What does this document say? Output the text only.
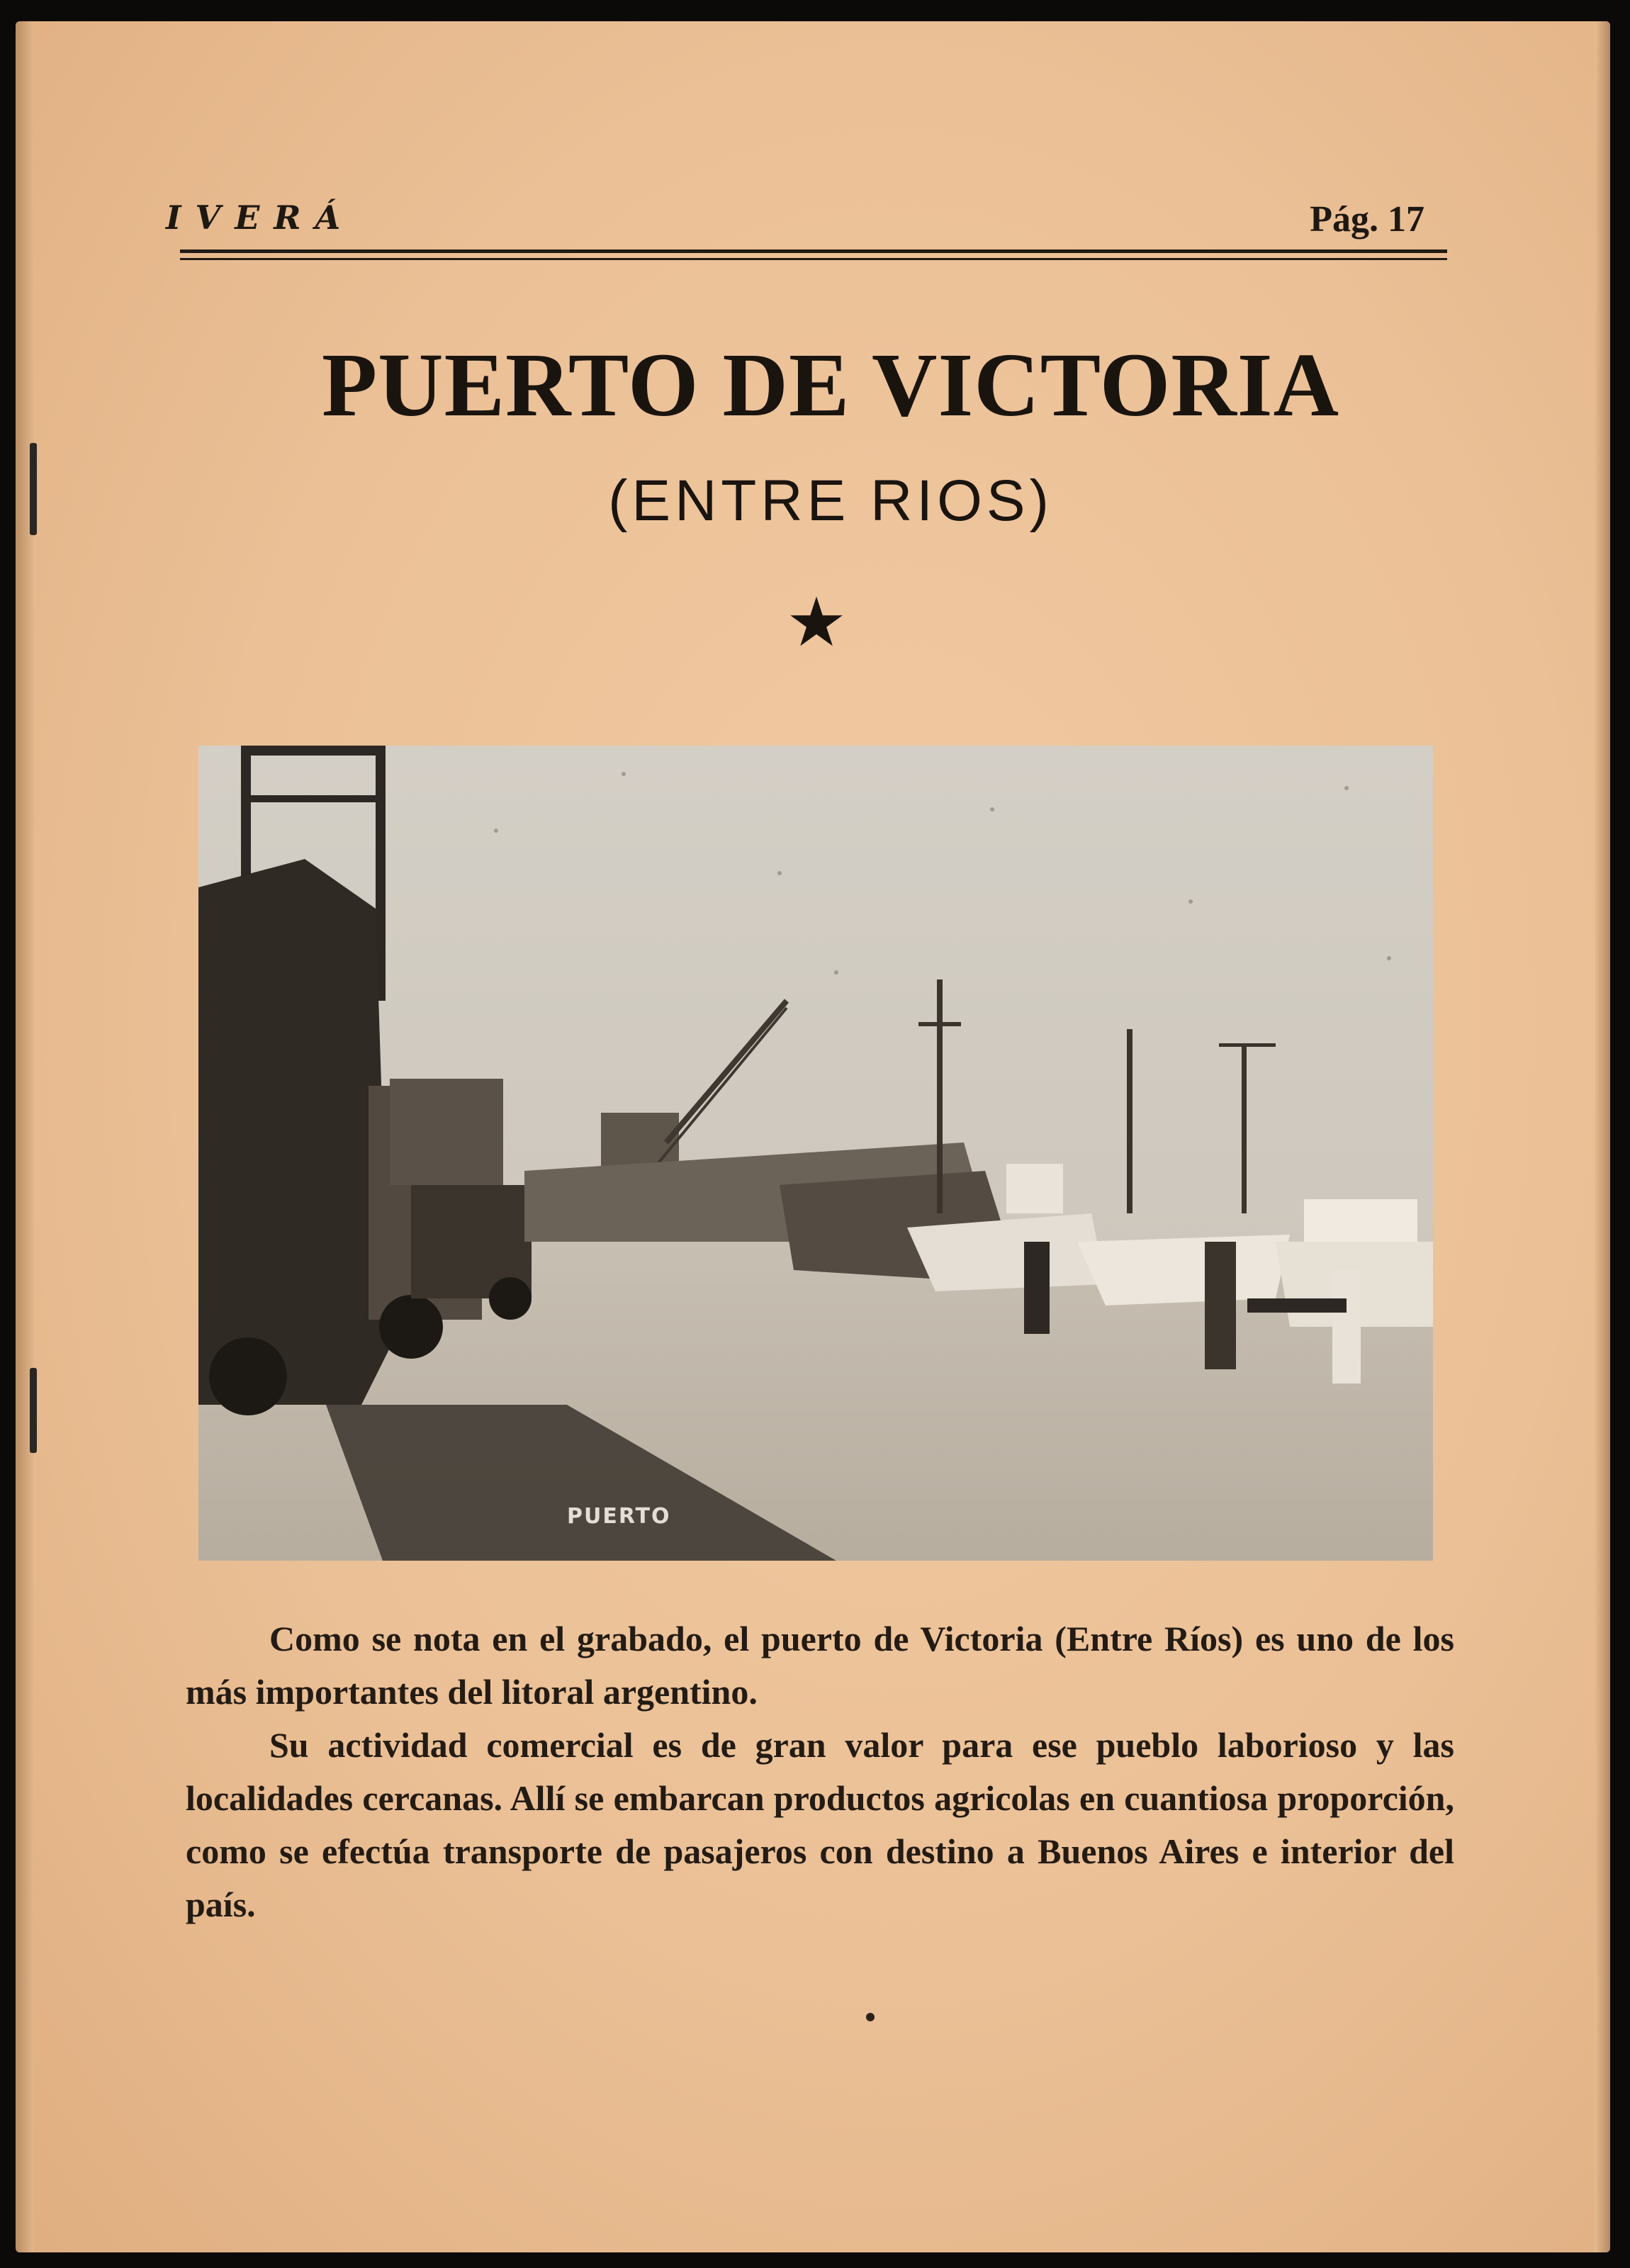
IVERÁ	Pág. 17
PUERTO DE VICTORIA
(ENTRE RIOS)
★
PUERTO

Como se nota en el grabado, el puerto de Victoria (Entre Ríos) es uno de los más importantes del litoral argentino.

Su actividad comercial es de gran valor para ese pueblo laborioso y las localidades cercanas. Allí se embarcan productos agricolas en cuantiosa proporción, como se efectúa transporte de pasajeros con destino a Buenos Aires e interior del país.
